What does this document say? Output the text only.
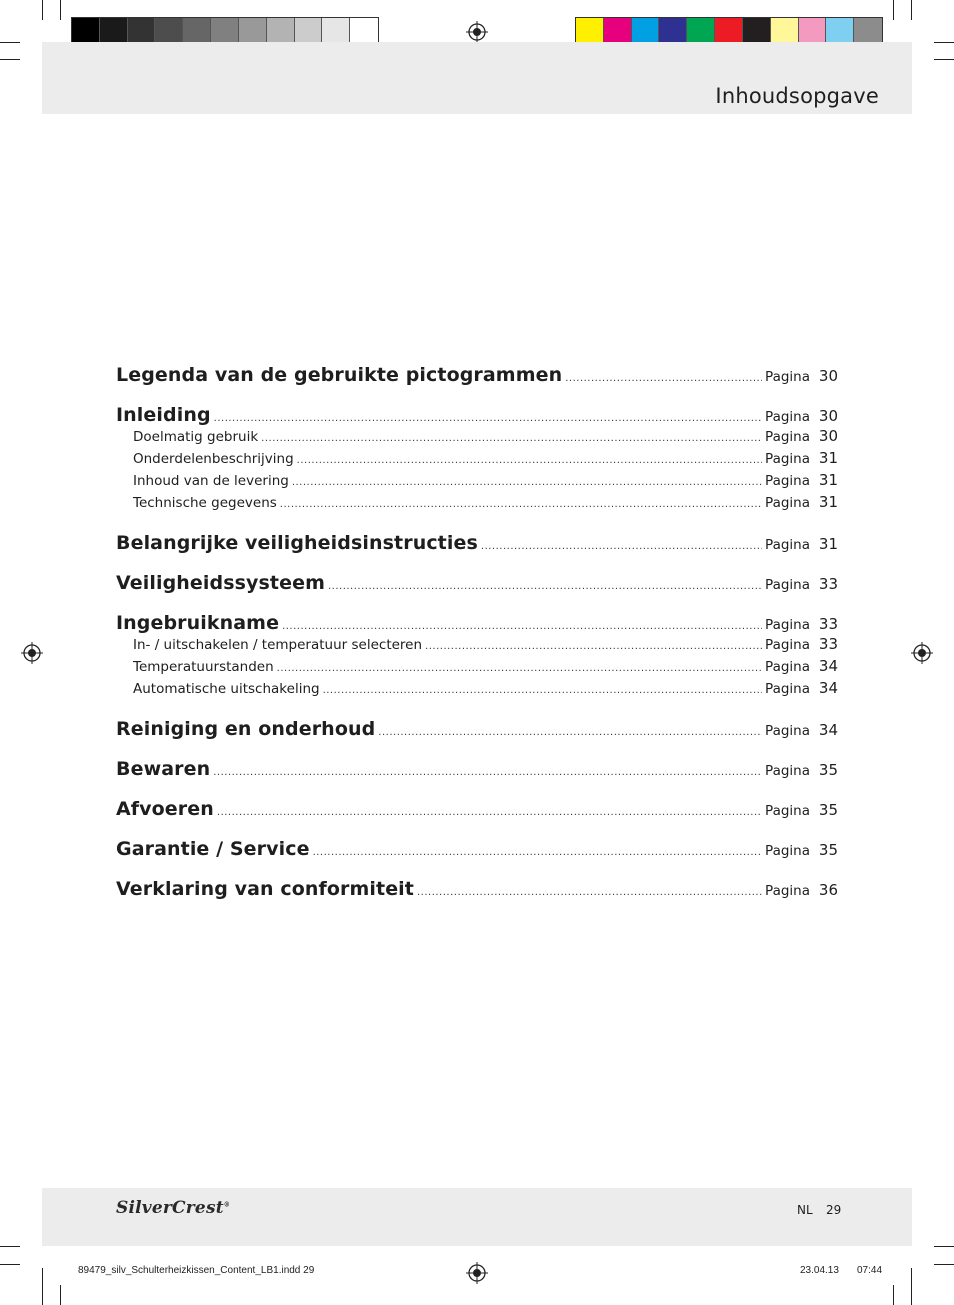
Inhoudsopgave
Legenda van de gebruikte pictogrammen .....	Pagina 30
Inleiding .....	Pagina 30
Doelmatig gebruik .....	Pagina 30
Onderdelenbeschrijving .....	Pagina 31
Inhoud van de levering .....	Pagina 31
Technische gegevens .....	Pagina 31
Belangrijke veiligheidsinstructies .....	Pagina 31
Veiligheidssysteem .....	Pagina 33
Ingebruikname .....	Pagina 33
In- / uitschakelen / temperatuur selecteren .....	Pagina 33
Temperatuurstanden .....	Pagina 34
Automatische uitschakeling .....	Pagina 34
Reiniging en onderhoud .....	Pagina 34
Bewaren .....	Pagina 35
Afvoeren .....	Pagina 35
Garantie / Service .....	Pagina 35
Verklaring van conformiteit .....	Pagina 36
SilverCrest®	NL 29
89479_silv_Schulterheizkissen_Content_LB1.indd 29	23.04.13 07:44
